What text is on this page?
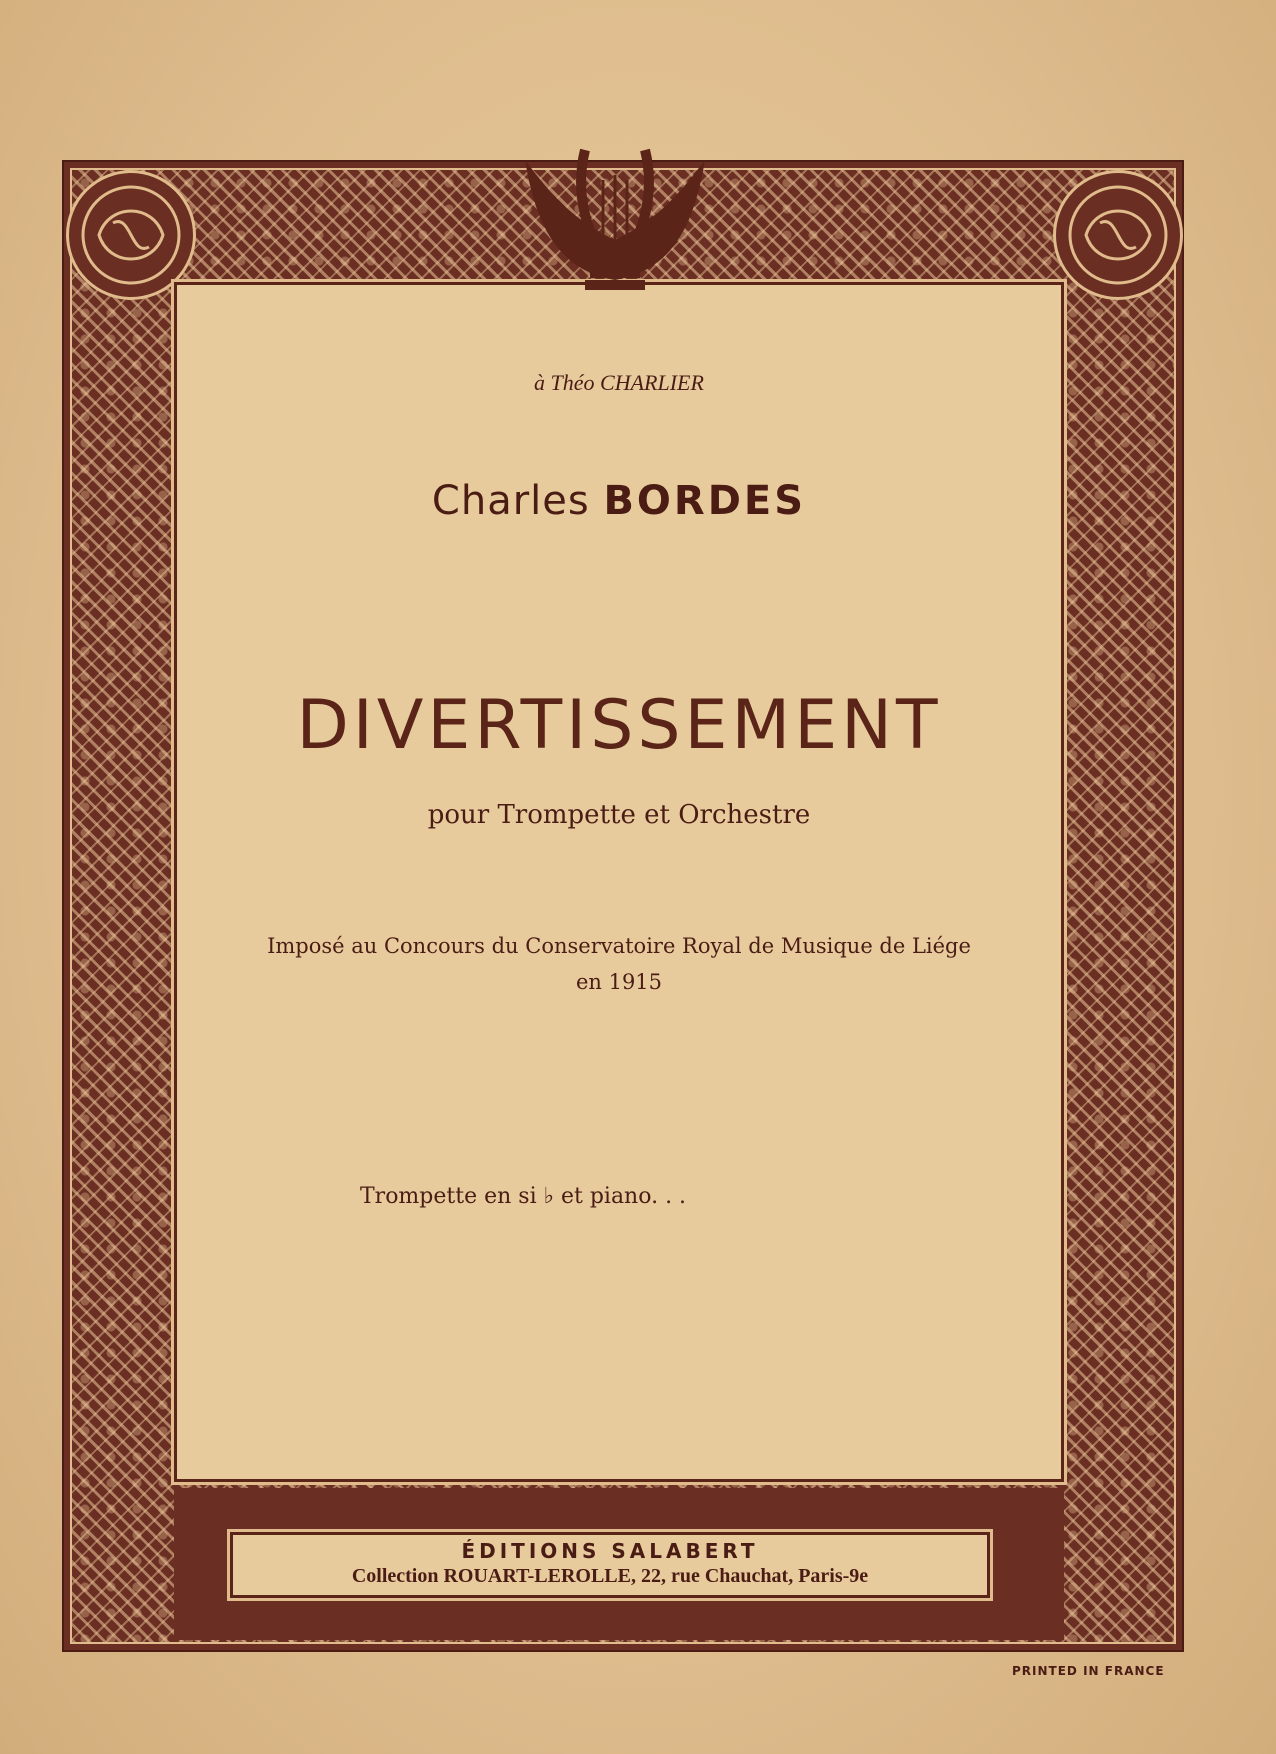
à Théo CHARLIER
Charles BORDES
DIVERTISSEMENT
pour Trompette et Orchestre
Imposé au Concours du Conservatoire Royal de Musique de Liége
en 1915
Trompette en si ♭ et piano. . .
ÉDITIONS SALABERT
Collection ROUART-LEROLLE, 22, rue Chauchat, Paris-9e
PRINTED IN FRANCE
